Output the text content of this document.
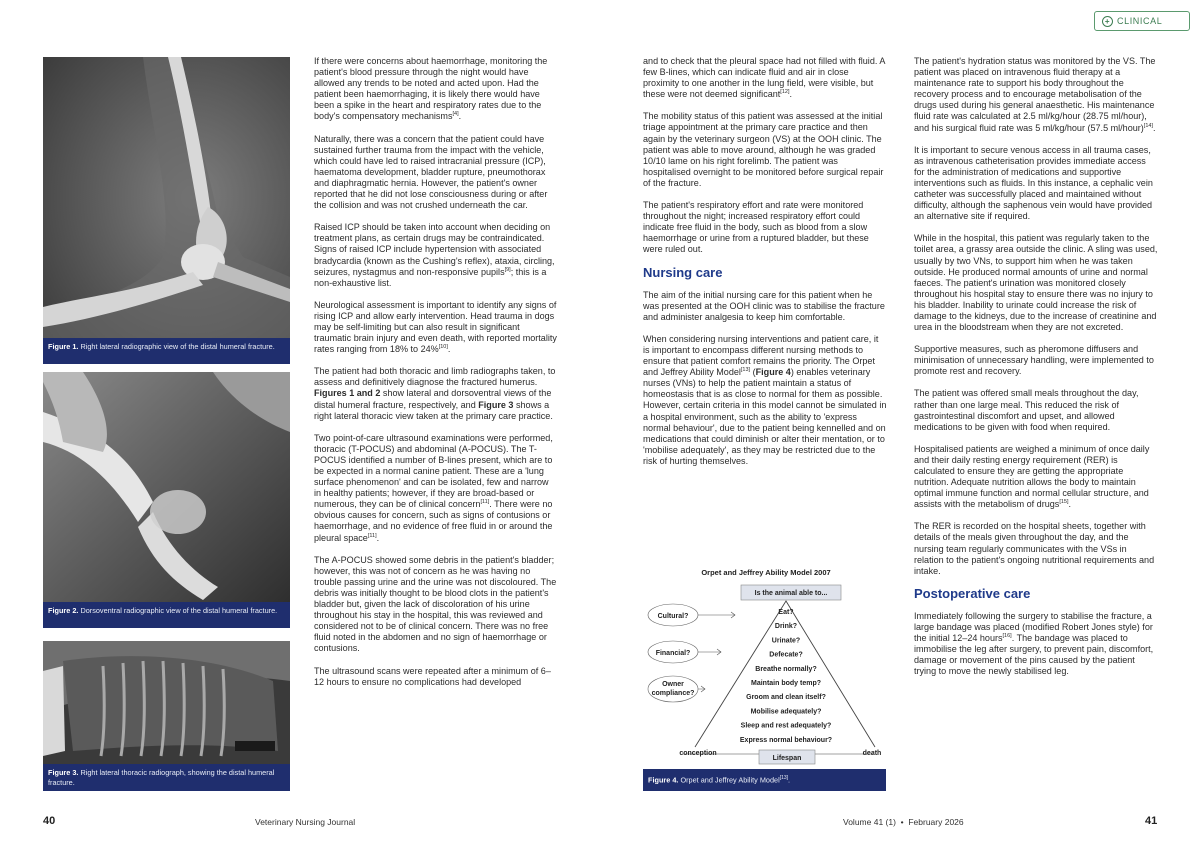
+ CLINICAL
Figure 1. Right lateral radiographic view of the distal humeral fracture.
Figure 2. Dorsoventral radiographic view of the distal humeral fracture.
Figure 3. Right lateral thoracic radiograph, showing the distal humeral fracture.

If there were concerns about haemorrhage, monitoring the patient's blood pressure through the night would have allowed any trends to be noted and acted upon. Had the patient been haemorrhaging, it is likely there would have been a spike in the heart and respiratory rates due to the body's compensatory mechanisms[4].

Naturally, there was a concern that the patient could have sustained further trauma from the impact with the vehicle, which could have led to raised intracranial pressure (ICP), haematoma development, bladder rupture, pneumothorax and diaphragmatic hernia. However, the patient's owner reported that he did not lose consciousness during or after the collision and was not crushed underneath the car.

Raised ICP should be taken into account when deciding on treatment plans, as certain drugs may be contraindicated. Signs of raised ICP include hypertension with associated bradycardia (known as the Cushing's reflex), ataxia, circling, seizures, nystagmus and non-responsive pupils[9]; this is a non-exhaustive list.

Neurological assessment is important to identify any signs of rising ICP and allow early intervention. Head trauma in dogs may be self-limiting but can also result in significant traumatic brain injury and even death, with reported mortality rates ranging from 18% to 24%[10].

The patient had both thoracic and limb radiographs taken, to assess and definitively diagnose the fractured humerus. Figures 1 and 2 show lateral and dorsoventral views of the distal humeral fracture, respectively, and Figure 3 shows a right lateral thoracic view taken at the primary care practice.

Two point-of-care ultrasound examinations were performed, thoracic (T-POCUS) and abdominal (A-POCUS). The T-POCUS identified a number of B-lines present, which are to be expected in a normal canine patient. These are a 'lung surface phenomenon' and can be isolated, few and narrow in healthy patients; however, if they are broad-based or numerous, they can be of clinical concern[11]. There were no obvious causes for concern, such as signs of contusions or haemorrhage, and no evidence of free fluid in or around the pleural space[11].

The A-POCUS showed some debris in the patient's bladder; however, this was not of concern as he was having no trouble passing urine and the urine was not discoloured. The debris was initially thought to be blood clots in the patient's bladder but, given the lack of discoloration of his urine throughout his stay in the hospital, this was reviewed and considered not to be of clinical concern. There was no free fluid noted in the abdomen and no sign of haemorrhage or contusions.

The ultrasound scans were repeated after a minimum of 6–12 hours to ensure no complications had developed

and to check that the pleural space had not filled with fluid. A few B-lines, which can indicate fluid and air in close proximity to one another in the lung field, were visible, but these were not deemed significant[12].

The mobility status of this patient was assessed at the initial triage appointment at the primary care practice and then again by the veterinary surgeon (VS) at the OOH clinic. The patient was able to move around, although he was graded 10/10 lame on his right forelimb. The patient was hospitalised overnight to be monitored before surgical repair of the fracture.

The patient's respiratory effort and rate were monitored throughout the night; increased respiratory effort could indicate free fluid in the body, such as blood from a slow haemorrhage or urine from a ruptured bladder, but these were ruled out.

Nursing care

The aim of the initial nursing care for this patient when he was presented at the OOH clinic was to stabilise the fracture and administer analgesia to keep him comfortable.

When considering nursing interventions and patient care, it is important to encompass different nursing methods to ensure that patient comfort remains the priority. The Orpet and Jeffrey Ability Model[13] (Figure 4) enables veterinary nurses (VNs) to help the patient maintain a status of homeostasis that is as close to normal for them as possible. However, certain criteria in this model cannot be simulated in a hospital environment, such as the ability to 'express normal behaviour', due to the patient being kennelled and on medications that could diminish or alter their mentation, or to 'mobilise adequately', as they may be restricted due to the risk of hurting themselves.

Orpet and Jeffrey Ability Model 2007
Is the animal able to...
Cultural?
Financial?
Owner
compliance?
Eat?
Drink?
Urinate?
Defecate?
Breathe normally?
Maintain body temp?
Groom and clean itself?
Mobilise adequately?
Sleep and rest adequately?
Express normal behaviour?
conception	death
Lifespan
Figure 4. Orpet and Jeffrey Ability Model[13].

The patient's hydration status was monitored by the VS. The patient was placed on intravenous fluid therapy at a maintenance rate to support his body throughout the recovery process and to encourage metabolisation of the drugs used during his general anaesthetic. His maintenance fluid rate was calculated at 2.5 ml/kg/hour (28.75 ml/hour), and his surgical fluid rate was 5 ml/kg/hour (57.5 ml/hour)[14].

It is important to secure venous access in all trauma cases, as intravenous catheterisation provides immediate access for the administration of medications and supportive interventions such as fluids. In this instance, a cephalic vein catheter was successfully placed and maintained without difficulty, although the saphenous vein would have provided an alternative site if required.

While in the hospital, this patient was regularly taken to the toilet area, a grassy area outside the clinic. A sling was used, usually by two VNs, to support him when he was taken outside. He produced normal amounts of urine and normal faeces. The patient's urination was monitored closely throughout his hospital stay to ensure there was no injury to his bladder. Inability to urinate could increase the risk of damage to the kidneys, due to the increase of creatinine and urea in the bloodstream when they are not excreted.

Supportive measures, such as pheromone diffusers and minimisation of unnecessary handling, were implemented to promote rest and recovery.

The patient was offered small meals throughout the day, rather than one large meal. This reduced the risk of gastrointestinal discomfort and upset, and allowed medications to be given with food when required.

Hospitalised patients are weighed a minimum of once daily and their daily resting energy requirement (RER) is calculated to ensure they are getting the appropriate nutrition. Adequate nutrition allows the body to maintain optimal immune function and normal cellular structure, and assists with the metabolism of drugs[15].

The RER is recorded on the hospital sheets, together with details of the meals given throughout the day, and the nursing team regularly communicates with the VSs in relation to the patient's ongoing nutritional requirements and intake.

Postoperative care

Immediately following the surgery to stabilise the fracture, a large bandage was placed (modified Robert Jones style) for the initial 12–24 hours[16]. The bandage was placed to immobilise the leg after surgery, to prevent pain, discomfort, damage or movement of the pins caused by the patient trying to move the newly stabilised leg.

40	Veterinary Nursing Journal	Volume 41 (1)  •  February 2026	41
